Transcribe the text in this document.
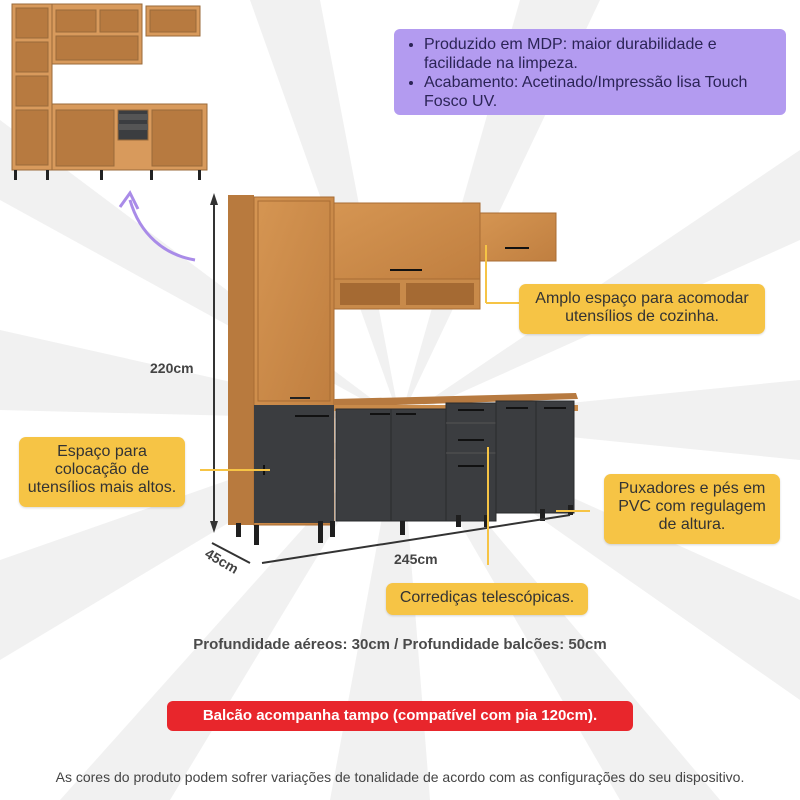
• Produzido em MDP: maior durabilidade e facilidade na limpeza.
• Acabamento: Acetinado/Impressão lisa Touch Fosco UV.
220cm
245cm
45cm
Amplo espaço para acomodar utensílios de cozinha.
Espaço para colocação de utensílios mais altos.	Puxadores e pés em PVC com regulagem de altura.
Corrediças telescópicas.
Profundidade aéreos: 30cm / Profundidade balcões: 50cm
Balcão acompanha tampo (compatível com pia 120cm).
As cores do produto podem sofrer variações de tonalidade de acordo com as configurações do seu dispositivo.
